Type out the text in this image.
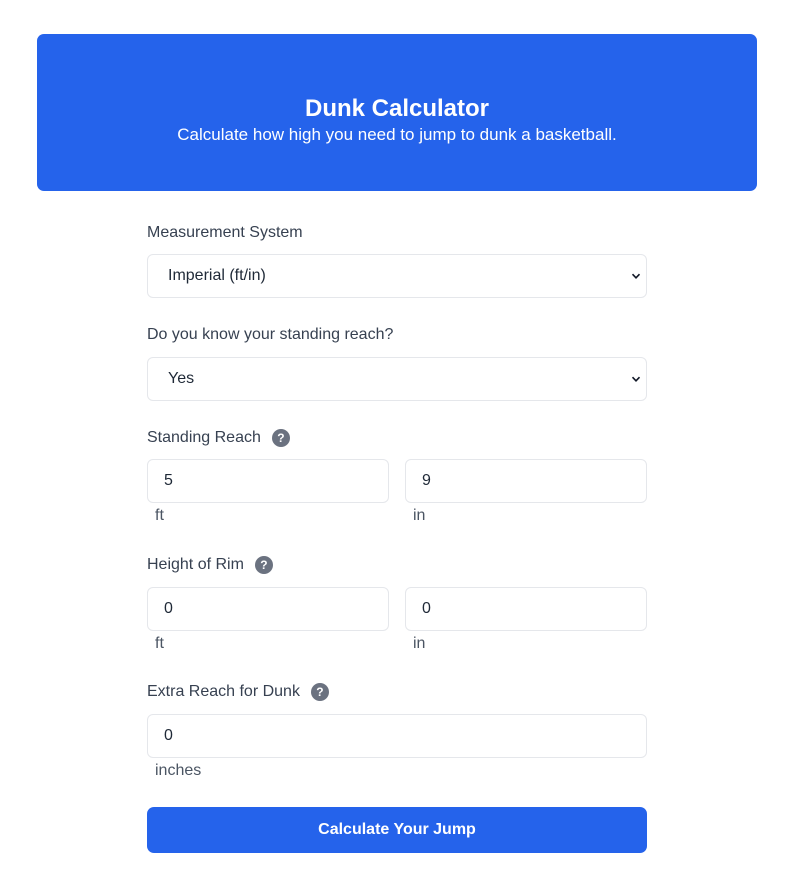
Dunk Calculator

Calculate how high you need to jump to dunk a basketball.

Measurement System
Imperial (ft/in)
Do you know your standing reach?
Yes
Standing Reach	?
5	9
ft	in
Height of Rim	?
0	0
ft	in
Extra Reach for Dunk	?
0
inches
Calculate Your Jump
